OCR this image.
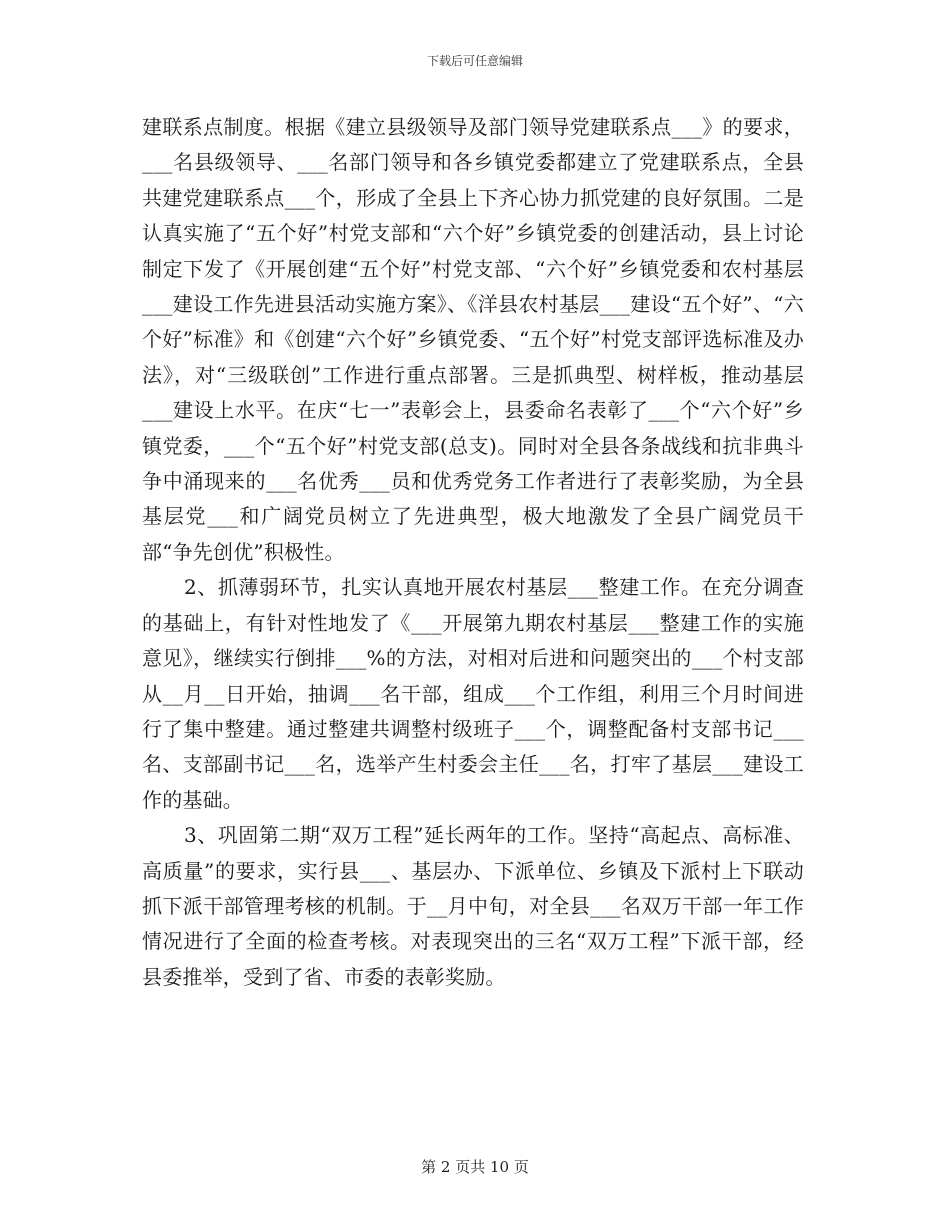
下载后可任意编辑

建联系点制度。根据《建立县级领导及部门领导党建联系点___》的要求，___名县级领导、___名部门领导和各乡镇党委都建立了党建联系点，全县共建党建联系点___个，形成了全县上下齐心协力抓党建的良好氛围。二是认真实施了“五个好”村党支部和“六个好”乡镇党委的创建活动，县上讨论制定下发了《开展创建“五个好”村党支部、“六个好”乡镇党委和农村基层___建设工作先进县活动实施方案》、《洋县农村基层___建设“五个好”、“六个好”标准》和《创建“六个好”乡镇党委、“五个好”村党支部评选标准及办法》，对“三级联创”工作进行重点部署。三是抓典型、树样板，推动基层___建设上水平。在庆“七一”表彰会上，县委命名表彰了___个“六个好”乡镇党委，___个“五个好”村党支部(总支)。同时对全县各条战线和抗非典斗争中涌现来的___名优秀___员和优秀党务工作者进行了表彰奖励，为全县基层党___和广阔党员树立了先进典型，极大地激发了全县广阔党员干部“争先创优”积极性。

2、抓薄弱环节，扎实认真地开展农村基层___整建工作。在充分调查的基础上，有针对性地发了《___开展第九期农村基层___整建工作的实施意见》，继续实行倒排___%的方法，对相对后进和问题突出的___个村支部从__月__日开始，抽调___名干部，组成___个工作组，利用三个月时间进行了集中整建。通过整建共调整村级班子___个，调整配备村支部书记___名、支部副书记___名，选举产生村委会主任___名，打牢了基层___建设工作的基础。

3、巩固第二期“双万工程”延长两年的工作。坚持“高起点、高标准、高质量”的要求，实行县___、基层办、下派单位、乡镇及下派村上下联动抓下派干部管理考核的机制。于__月中旬，对全县___名双万干部一年工作情况进行了全面的检查考核。对表现突出的三名“双万工程”下派干部，经县委推举，受到了省、市委的表彰奖励。

第 2 页共 10 页
